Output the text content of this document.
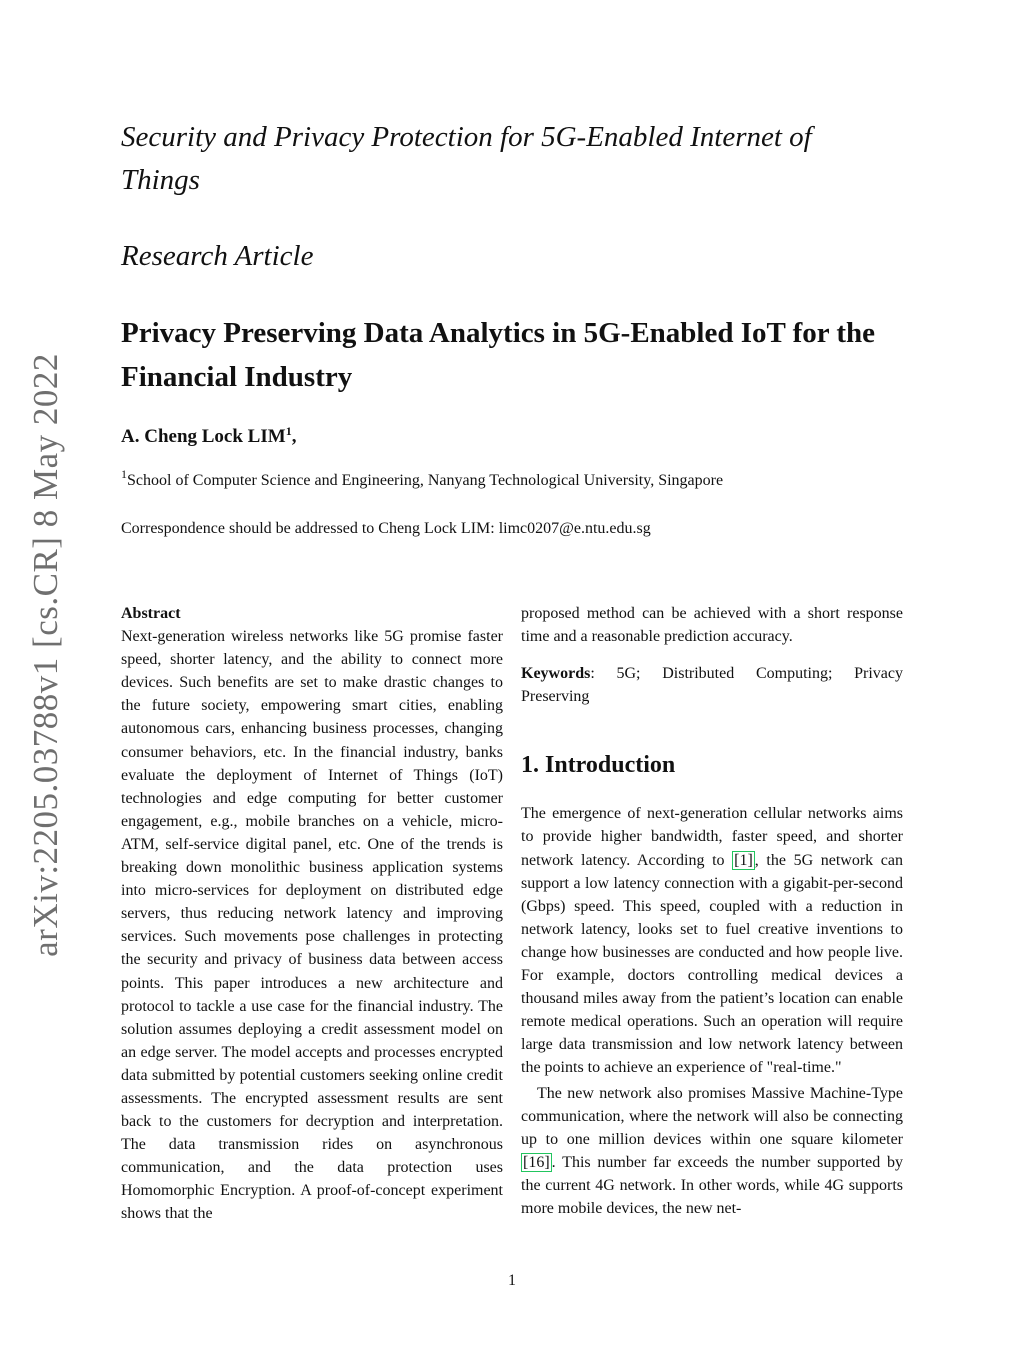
arXiv:2205.03788v1 [cs.CR] 8 May 2022
Security and Privacy Protection for 5G-Enabled Internet of Things
Research Article
Privacy Preserving Data Analytics in 5G-Enabled IoT for the Financial Industry
A. Cheng Lock LIM$^1$,
$^1$School of Computer Science and Engineering, Nanyang Technological University, Singapore
Correspondence should be addressed to Cheng Lock LIM: limc0207@e.ntu.edu.sg

Abstract

Next-generation wireless networks like 5G promise faster speed, shorter latency, and the ability to connect more devices. Such benefits are set to make drastic changes to the future society, empowering smart cities, enabling autonomous cars, enhancing business processes, changing consumer behaviors, etc. In the financial industry, banks evaluate the deployment of Internet of Things (IoT) technologies and edge computing for better customer engagement, e.g., mobile branches on a vehicle, micro-ATM, self-service digital panel, etc. One of the trends is breaking down monolithic business application systems into micro-services for deployment on distributed edge servers, thus reducing network latency and improving services. Such movements pose challenges in protecting the security and privacy of business data between access points. This paper introduces a new architecture and protocol to tackle a use case for the financial industry. The solution assumes deploying a credit assessment model on an edge server. The model accepts and processes encrypted data submitted by potential customers seeking online credit assessments. The encrypted assessment results are sent back to the customers for decryption and interpretation. The data transmission rides on asynchronous communication, and the data protection uses Homomorphic Encryption. A proof-of-concept experiment shows that the

proposed method can be achieved with a short response time and a reasonable prediction accuracy.

Keywords: 5G; Distributed Computing; Privacy Preserving

1. Introduction

The emergence of next-generation cellular networks aims to provide higher bandwidth, faster speed, and shorter network latency. According to [1] , the 5G network can support a low latency connection with a gigabit-per-second (Gbps) speed. This speed, coupled with a reduction in network latency, looks set to fuel creative inventions to change how businesses are conducted and how people live. For example, doctors controlling medical devices a thousand miles away from the patient’s location can enable remote medical operations. Such an operation will require large data transmission and low network latency between the points to achieve an experience of "real-time."

The new network also promises Massive Machine-Type communication, where the network will also be connecting up to one million devices within one square kilometer [16] . This number far exceeds the number supported by the current 4G network. In other words, while 4G supports more mobile devices, the new net-

1
